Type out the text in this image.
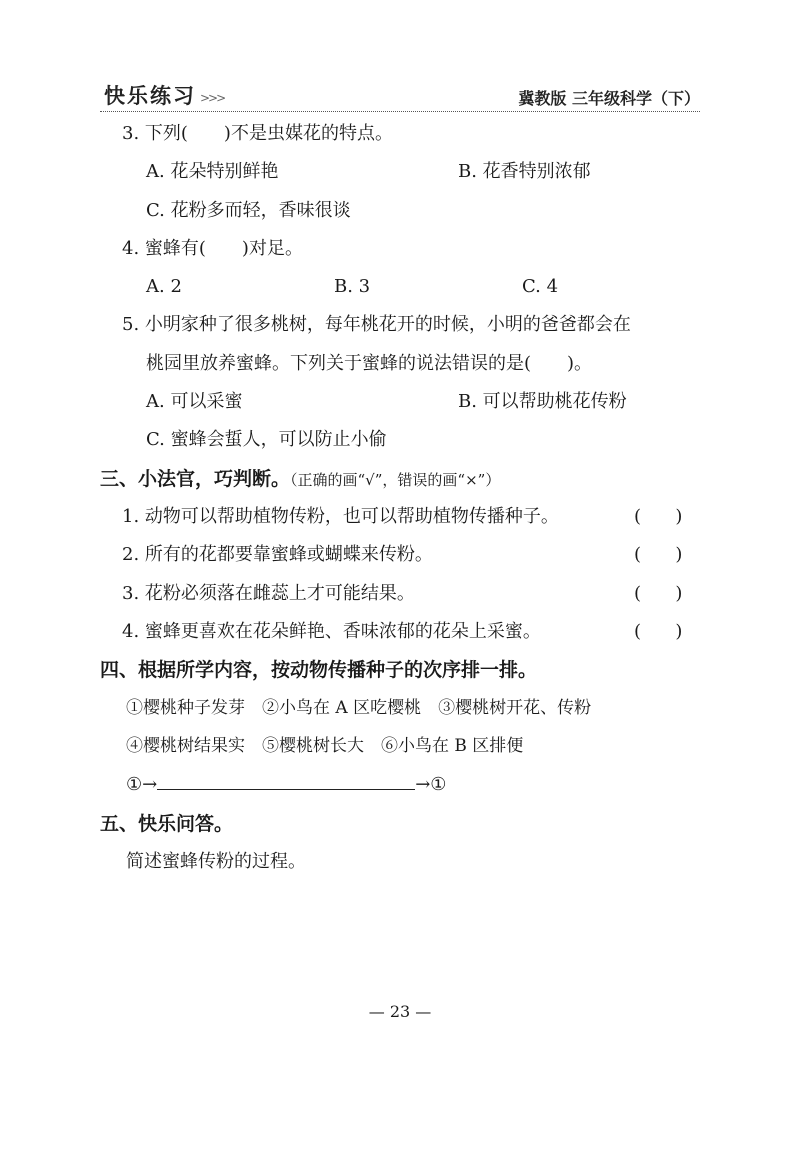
快乐练习 >>>	冀教版 三年级科学（下）
3. 下列(　　)不是虫媒花的特点。
A. 花朵特别鲜艳	B. 花香特别浓郁
C. 花粉多而轻，香味很谈
4. 蜜蜂有(　　)对足。
A. 2	B. 3	C. 4
5. 小明家种了很多桃树，每年桃花开的时候，小明的爸爸都会在
桃园里放养蜜蜂。下列关于蜜蜂的说法错误的是(　　)。
A. 可以采蜜	B. 可以帮助桃花传粉
C. 蜜蜂会蜇人，可以防止小偷
三、小法官，巧判断。（正确的画“√”，错误的画“×”）
1. 动物可以帮助植物传粉，也可以帮助植物传播种子。	(      )
2. 所有的花都要靠蜜蜂或蝴蝶来传粉。	(      )
3. 花粉必须落在雌蕊上才可能结果。	(      )
4. 蜜蜂更喜欢在花朵鲜艳、香味浓郁的花朵上采蜜。	(      )
四、根据所学内容，按动物传播种子的次序排一排。
①樱桃种子发芽　②小鸟在 A 区吃樱桃　③樱桃树开花、传粉
④樱桃树结果实　⑤樱桃树长大　⑥小鸟在 B 区排便
①→	→①
五、快乐问答。
简述蜜蜂传粉的过程。
— 23 —
